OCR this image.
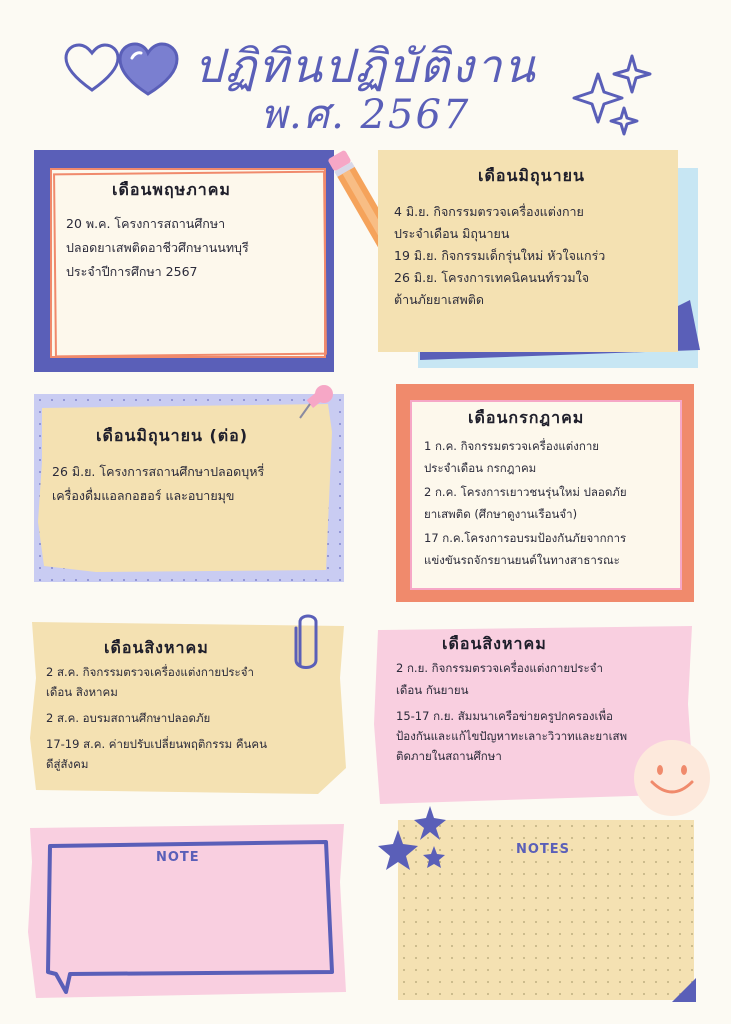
ปฏิทินปฏิบัติงาน
พ.ศ. 2567
เดือนพฤษภาคม
20 พ.ค. โครงการสถานศึกษา
ปลอดยาเสพติดอาชีวศึกษานนทบุรี
ประจำปีการศึกษา 2567
เดือนมิถุนายน
4 มิ.ย. กิจกรรมตรวจเครื่องแต่งกาย
ประจำเดือน มิถุนายน
19 มิ.ย. กิจกรรมเด็กรุ่นใหม่ หัวใจแกร่ว
26 มิ.ย. โครงการเทคนิคนนท์รวมใจ
ต้านภัยยาเสพติด
เดือนมิถุนายน (ต่อ)
26 มิ.ย. โครงการสถานศึกษาปลอดบุหรี่
เครื่องดื่มแอลกอฮอร์ และอบายมุข
เดือนกรกฎาคม
1 ก.ค. กิจกรรมตรวจเครื่องแต่งกาย
ประจำเดือน กรกฎาคม
2 ก.ค. โครงการเยาวชนรุ่นใหม่ ปลอดภัย
ยาเสพติด (ศึกษาดูงานเรือนจำ)
17 ก.ค.โครงการอบรมป้องกันภัยจากการ
แข่งขันรถจักรยานยนต์ในทางสาธารณะ
เดือนสิงหาคม
2 ส.ค. กิจกรรมตรวจเครื่องแต่งกายประจำ
เดือน สิงหาคม
2 ส.ค. อบรมสถานศึกษาปลอดภัย
17-19 ส.ค. ค่ายปรับเปลี่ยนพฤติกรรม คืนคน
ดีสู่สังคม
เดือนสิงหาคม
2 ก.ย. กิจกรรมตรวจเครื่องแต่งกายประจำ
เดือน กันยายน
15-17 ก.ย. สัมมนาเครือข่ายครูปกครองเพื่อ
ป้องกันและแก้ไขปัญหาทะเลาะวิวาทและยาเสพ
ติดภายในสถานศึกษา
NOTE
NOTES
